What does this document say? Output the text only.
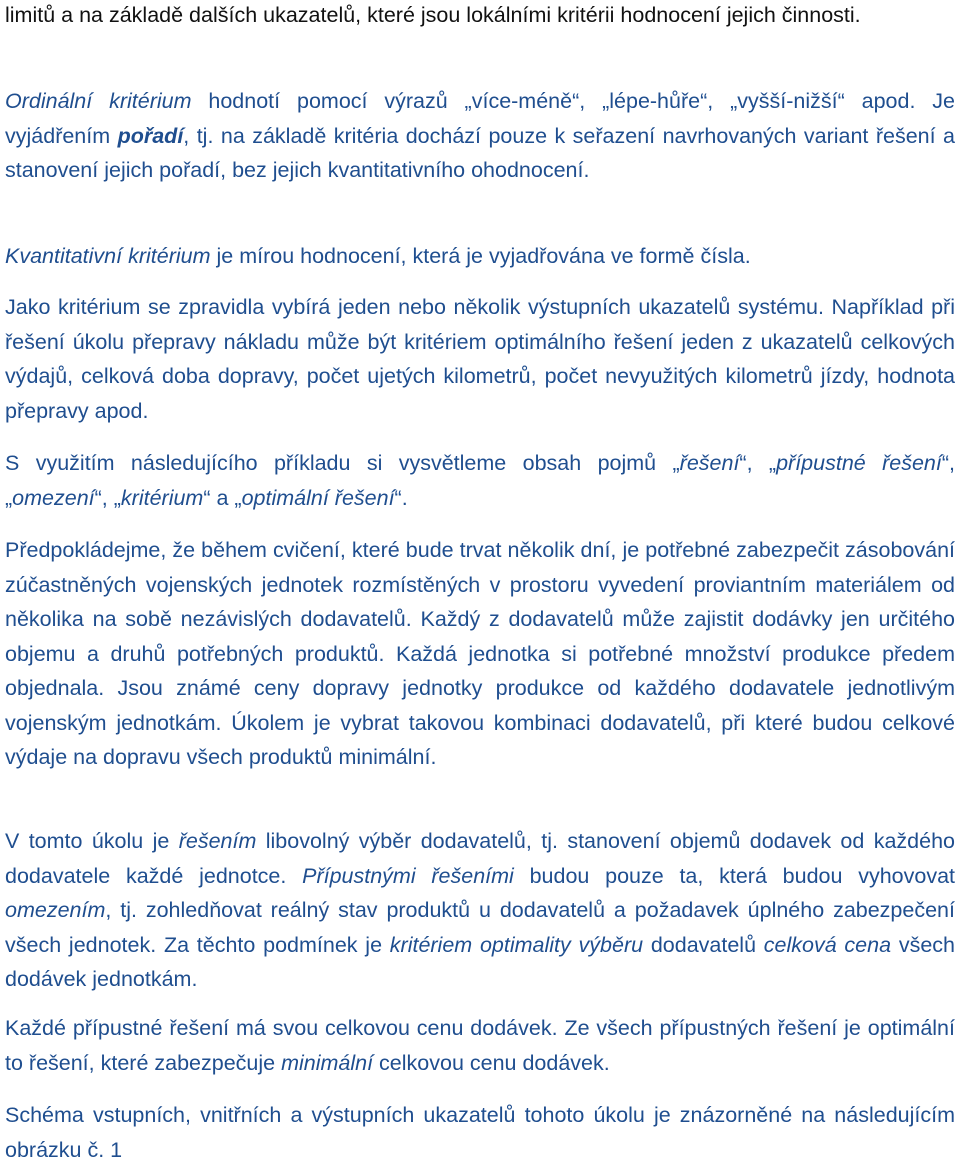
limitů a na základě dalších ukazatelů, které jsou lokálními kritérii hodnocení jejich činnosti.

Ordinální kritérium hodnotí pomocí výrazů „více-méně“, „lépe-hůře“, „vyšší-nižší“ apod. Je vyjádřením pořadí, tj. na základě kritéria dochází pouze k seřazení navrhovaných variant řešení a stanovení jejich pořadí, bez jejich kvantitativního ohodnocení.

Kvantitativní kritérium je mírou hodnocení, která je vyjadřována ve formě čísla.

Jako kritérium se zpravidla vybírá jeden nebo několik výstupních ukazatelů systému. Například při řešení úkolu přepravy nákladu může být kritériem optimálního řešení jeden z ukazatelů celkových výdajů, celková doba dopravy, počet ujetých kilometrů, počet nevyužitých kilometrů jízdy, hodnota přepravy apod.

S využitím následujícího příkladu si vysvětleme obsah pojmů „řešení“, „přípustné řešení“, „omezení“, „kritérium“ a „optimální řešení“.

Předpokládejme, že během cvičení, které bude trvat několik dní, je potřebné zabezpečit zásobování zúčastněných vojenských jednotek rozmístěných v prostoru vyvedení proviantním materiálem od několika na sobě nezávislých dodavatelů. Každý z dodavatelů může zajistit dodávky jen určitého objemu a druhů potřebných produktů. Každá jednotka si potřebné množství produkce předem objednala. Jsou známé ceny dopravy jednotky produkce od každého dodavatele jednotlivým vojenským jednotkám. Úkolem je vybrat takovou kombinaci dodavatelů, při které budou celkové výdaje na dopravu všech produktů minimální.

V tomto úkolu je řešením libovolný výběr dodavatelů, tj. stanovení objemů dodavek od každého dodavatele každé jednotce. Přípustnými řešeními budou pouze ta, která budou vyhovovat omezením, tj. zohledňovat reálný stav produktů u dodavatelů a požadavek úplného zabezpečení všech jednotek. Za těchto podmínek je kritériem optimality výběru dodavatelů celková cena všech dodávek jednotkám.

Každé přípustné řešení má svou celkovou cenu dodávek. Ze všech přípustných řešení je optimální to řešení, které zabezpečuje minimální celkovou cenu dodávek.

Schéma vstupních, vnitřních a výstupních ukazatelů tohoto úkolu je znázorněné na následujícím obrázku č. 1
